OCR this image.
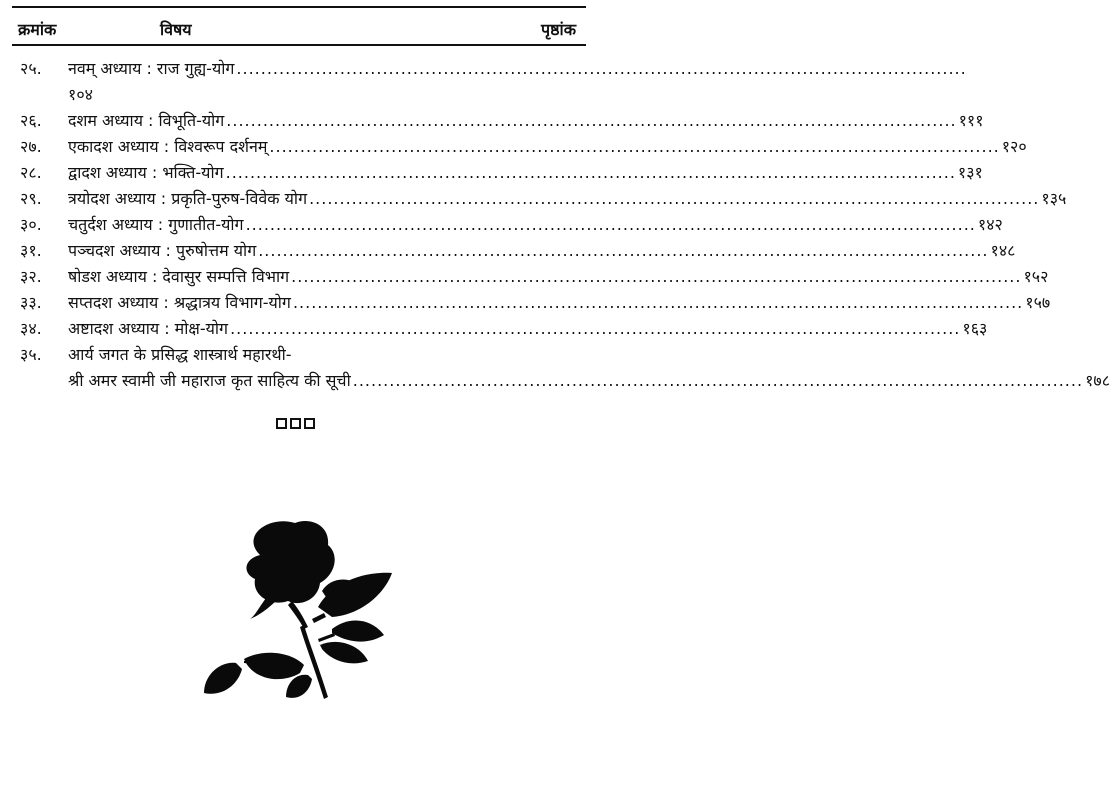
क्रमांक	विषय	पृष्ठांक
२५. नवम् अध्याय : राज गुह्य-योग ........................................................................................................................
१०४
२६. दशम अध्याय : विभूति-योग ........................................................................................................................ १११
२७. एकादश अध्याय : विश्वरूप दर्शनम् ........................................................................................................................ १२०
२८. द्वादश अध्याय : भक्ति-योग ........................................................................................................................ १३१
२९. त्रयोदश अध्याय : प्रकृति-पुरुष-विवेक योग ........................................................................................................................ १३५
३०. चतुर्दश अध्याय : गुणातीत-योग ........................................................................................................................ १४२
३१. पञ्चदश अध्याय : पुरुषोत्तम योग ........................................................................................................................ १४८
३२. षोडश अध्याय : देवासुर सम्पत्ति विभाग ........................................................................................................................ १५२
३३. सप्तदश अध्याय : श्रद्धात्रय विभाग-योग ........................................................................................................................ १५७
३४. अष्टादश अध्याय : मोक्ष-योग ........................................................................................................................ १६३
३५. आर्य जगत के प्रसिद्ध शास्त्रार्थ महारथी-
श्री अमर स्वामी जी महाराज कृत साहित्य की सूची ........................................................................................................................ १७८
